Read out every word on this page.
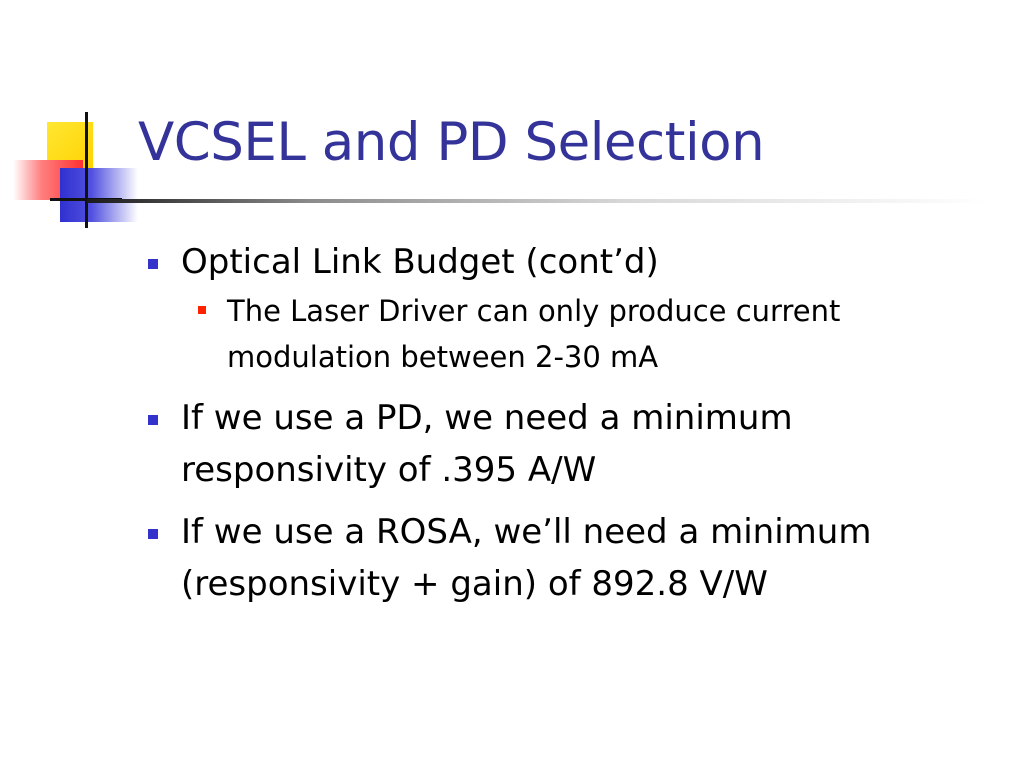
VCSEL and PD Selection
Optical Link Budget (cont’d)
The Laser Driver can only produce current modulation between 2-30 mA
If we use a PD, we need a minimum responsivity of .395 A/W
If we use a ROSA, we’ll need a minimum (responsivity + gain) of 892.8 V/W
